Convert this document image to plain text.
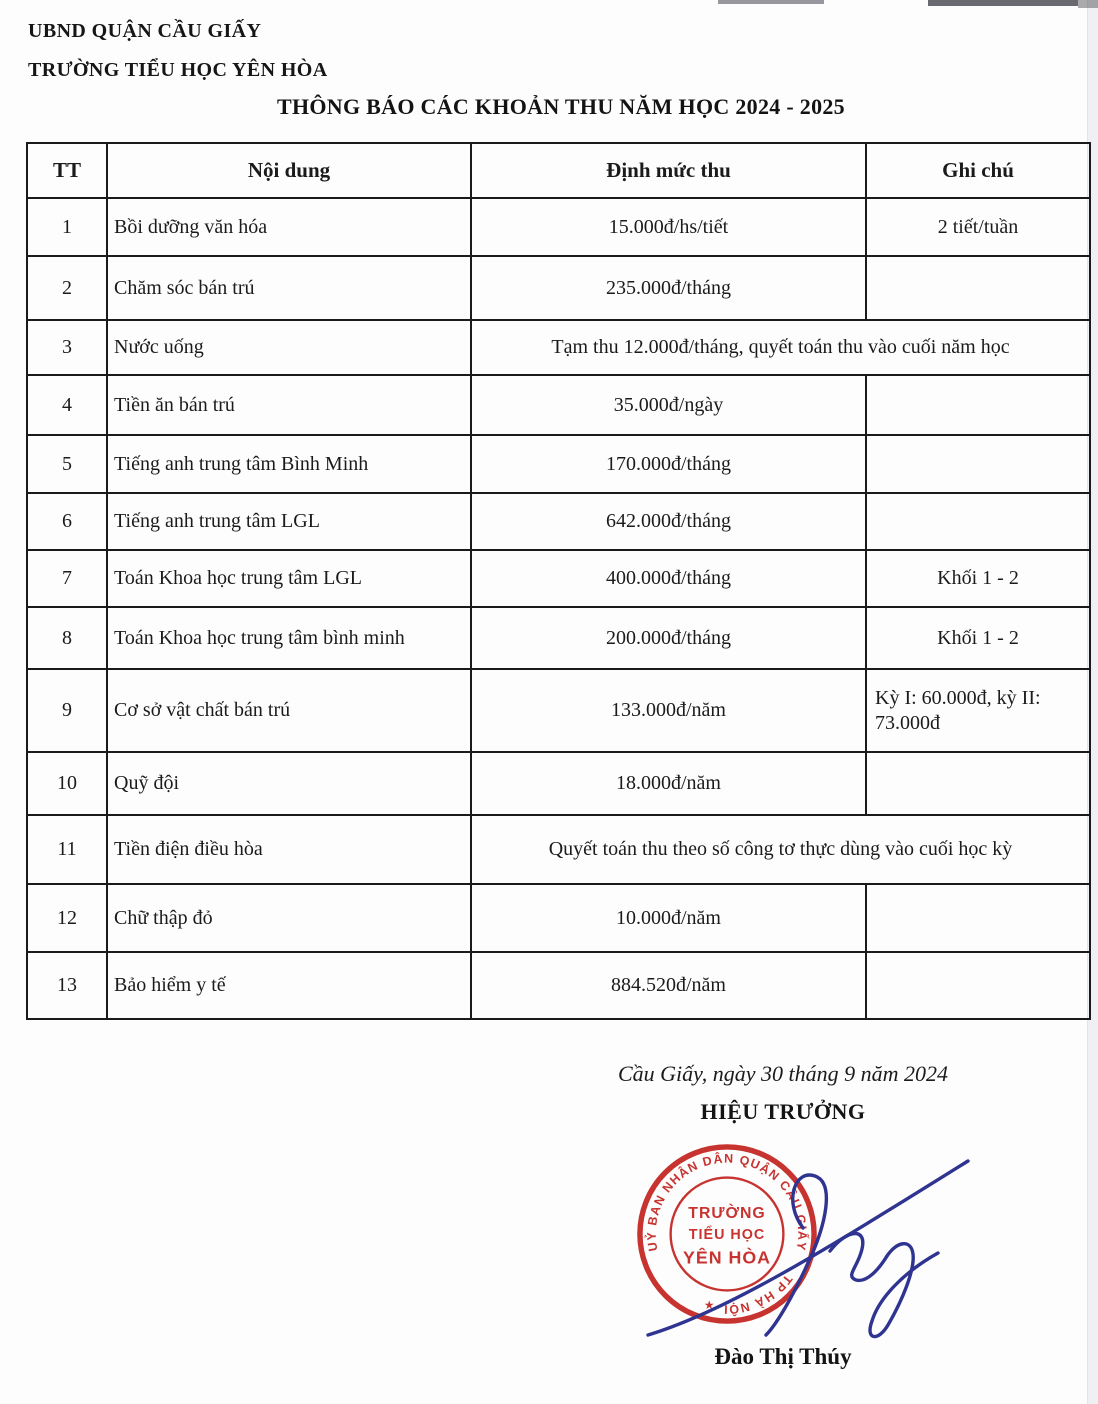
UBND QUẬN CẦU GIẤY
TRƯỜNG TIỂU HỌC YÊN HÒA
THÔNG BÁO CÁC KHOẢN THU NĂM HỌC 2024 - 2025
TT	Nội dung	Định mức thu	Ghi chú
1	Bồi dưỡng văn hóa	15.000đ/hs/tiết	2 tiết/tuần
2	Chăm sóc bán trú	235.000đ/tháng	
3	Nước uống	Tạm thu 12.000đ/tháng, quyết toán thu vào cuối năm học	
4	Tiền ăn bán trú	35.000đ/ngày	
5	Tiếng anh trung tâm Bình Minh	170.000đ/tháng	
6	Tiếng anh trung tâm LGL	642.000đ/tháng	
7	Toán Khoa học trung tâm LGL	400.000đ/tháng	Khối 1 - 2
8	Toán Khoa học trung tâm bình minh	200.000đ/tháng	Khối 1 - 2
9	Cơ sở vật chất bán trú	133.000đ/năm	Kỳ I: 60.000đ, kỳ II: 73.000đ
10	Quỹ đội	18.000đ/năm	
11	Tiền điện điều hòa	Quyết toán thu theo số công tơ thực dùng vào cuối học kỳ	
12	Chữ thập đỏ	10.000đ/năm	
13	Bảo hiểm y tế	884.520đ/năm	
Cầu Giấy, ngày 30 tháng 9 năm 2024
HIỆU TRƯỞNG
UỶ BAN NHÂN DÂN QUẬN CẦU GIẤY
TP HÀ NỘI
★
TRƯỜNG
TIỂU HỌC
YÊN HÒA
Đào Thị Thúy
